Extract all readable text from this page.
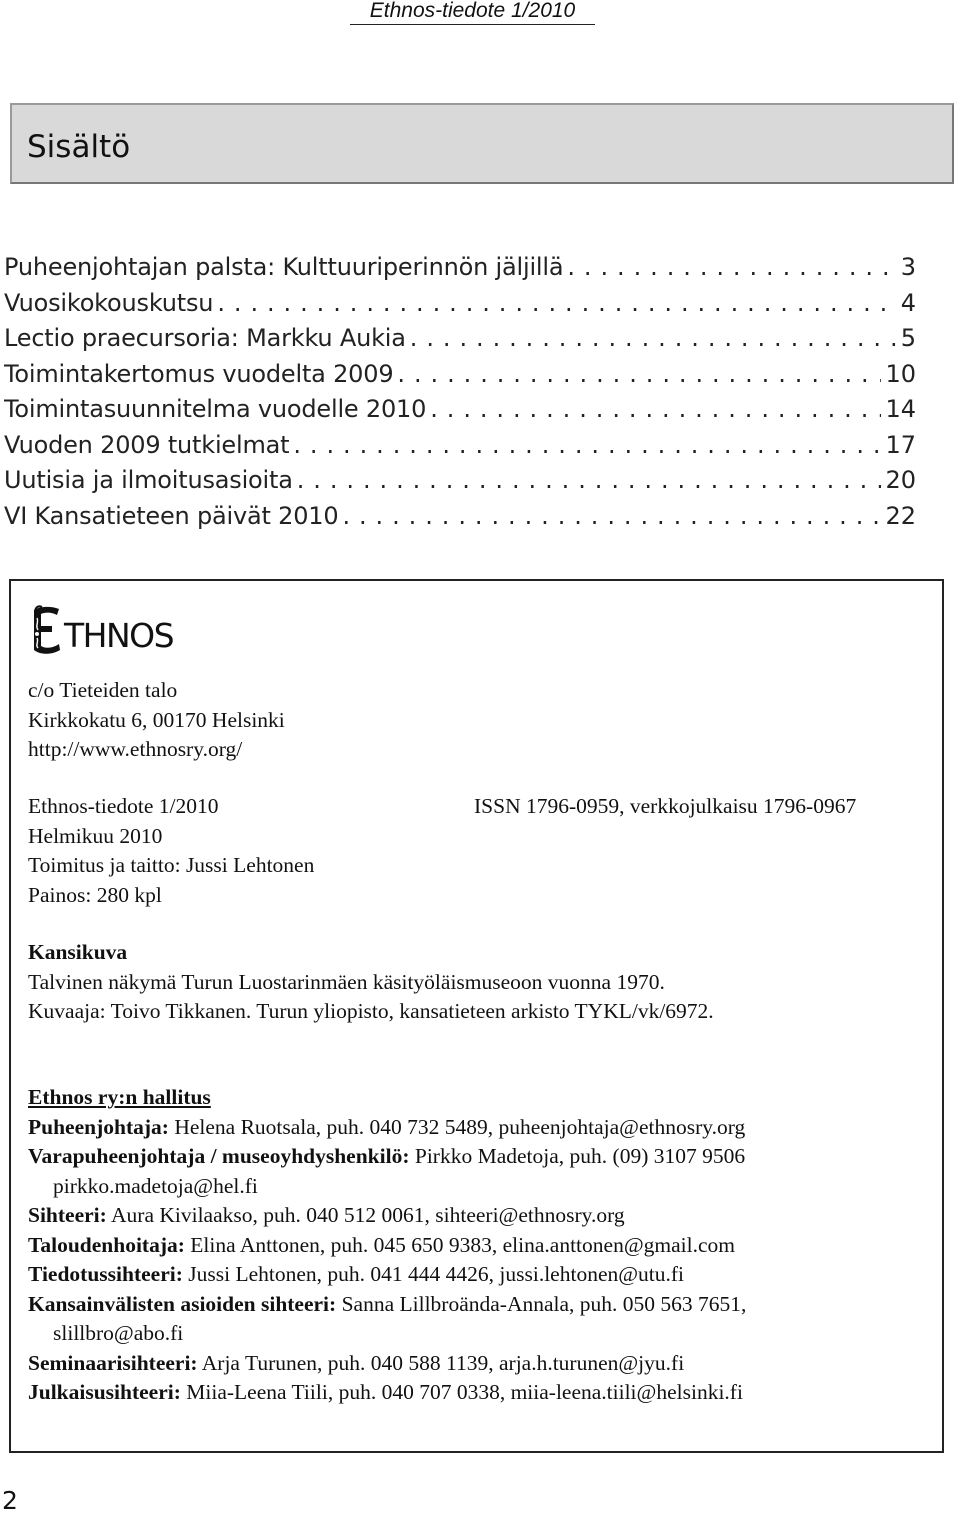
Ethnos-tiedote 1/2010
Sisältö
Puheenjohtajan palsta: Kulttuuriperinnön jäljillä . . .	3
Vuosikokouskutsu . . .	4
Lectio praecursoria: Markku Aukia . . .	5
Toimintakertomus vuodelta 2009 . . .	10
Toimintasuunnitelma vuodelle 2010 . . .	14
Vuoden 2009 tutkielmat . . .	17
Uutisia ja ilmoitusasioita . . .	20
VI Kansatieteen päivät 2010 . . .	22
THNOS
c/o Tieteiden talo
Kirkkokatu 6, 00170 Helsinki
http://www.ethnosry.org/
Ethnos-tiedote 1/2010
Helmikuu 2010
Toimitus ja taitto: Jussi Lehtonen
Painos: 280 kpl
ISSN 1796-0959, verkkojulkaisu 1796-0967
Kansikuva
Talvinen näkymä Turun Luostarinmäen käsityöläismuseoon vuonna 1970.
Kuvaaja: Toivo Tikkanen. Turun yliopisto, kansatieteen arkisto TYKL/vk/6972.
Ethnos ry:n hallitus
Puheenjohtaja: Helena Ruotsala, puh. 040 732 5489, puheenjohtaja@ethnosry.org
Varapuheenjohtaja / museoyhdyshenkilö: Pirkko Madetoja, puh. (09) 3107 9506
pirkko.madetoja@hel.fi
Sihteeri: Aura Kivilaakso, puh. 040 512 0061, sihteeri@ethnosry.org
Taloudenhoitaja: Elina Anttonen, puh. 045 650 9383, elina.anttonen@gmail.com
Tiedotussihteeri: Jussi Lehtonen, puh. 041 444 4426, jussi.lehtonen@utu.fi
Kansainvälisten asioiden sihteeri: Sanna Lillbroända-Annala, puh. 050 563 7651,
slillbro@abo.fi
Seminaarisihteeri: Arja Turunen, puh. 040 588 1139, arja.h.turunen@jyu.fi
Julkaisusihteeri: Miia-Leena Tiili, puh. 040 707 0338, miia-leena.tiili@helsinki.fi
2
